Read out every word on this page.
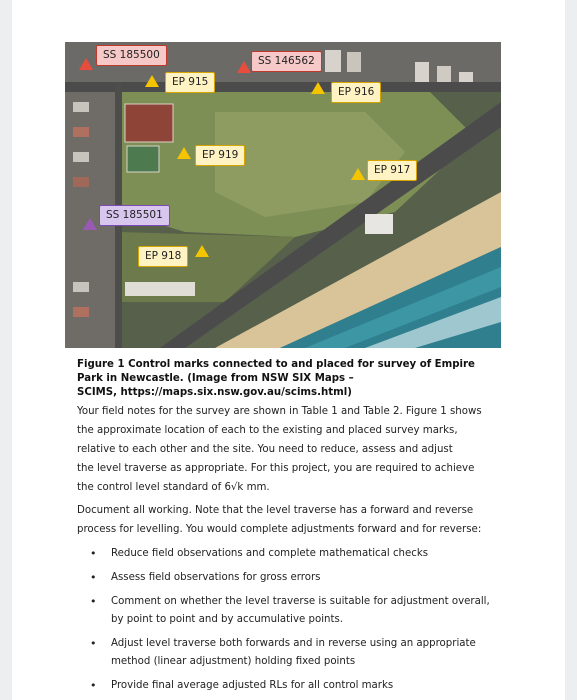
SS 185500	SS 146562
EP 915
EP 916
EP 919
EP 917
SS 185501
EP 918
Figure 1 Control marks connected to and placed for survey of Empire
Park in Newcastle. (Image from NSW SIX Maps –
SCIMS, https://maps.six.nsw.gov.au/scims.html)
Your field notes for the survey are shown in Table 1 and Table 2. Figure 1 shows
the approximate location of each to the existing and placed survey marks,
relative to each other and the site. You need to reduce, assess and adjust
the level traverse as appropriate. For this project, you are required to achieve
the control level standard of 6√k mm.
Document all working. Note that the level traverse has a forward and reverse
process for levelling. You would complete adjustments forward and for reverse:
• Reduce field observations and complete mathematical checks
• Assess field observations for gross errors
• Comment on whether the level traverse is suitable for adjustment overall,
by point to point and by accumulative points.
• Adjust level traverse both forwards and in reverse using an appropriate
method (linear adjustment) holding fixed points
• Provide final average adjusted RLs for all control marks
